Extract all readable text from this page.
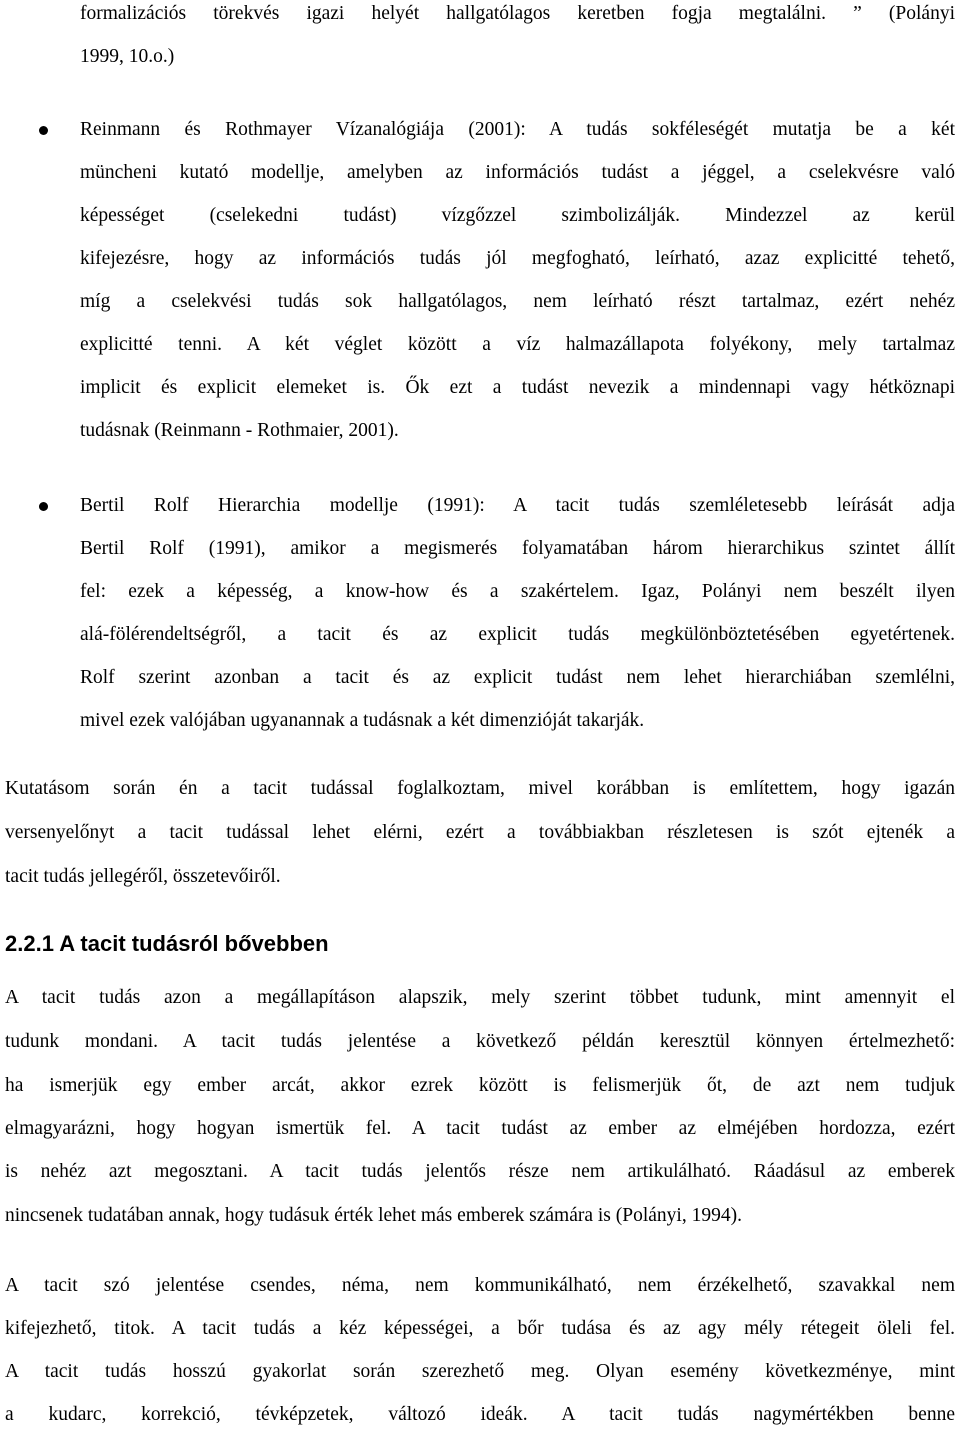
formalizációs törekvés igazi helyét hallgatólagos keretben fogja megtalálni. ” (Polányi

1999, 10.o.)

Reinmann és Rothmayer Vízanalógiája (2001): A tudás sokféleségét mutatja be a két

müncheni kutató modellje, amelyben az információs tudást a jéggel, a cselekvésre való

képességet (cselekedni tudást) vízgőzzel szimbolizálják. Mindezzel az kerül

kifejezésre, hogy az információs tudás jól megfogható, leírható, azaz explicitté tehető,

míg a cselekvési tudás sok hallgatólagos, nem leírható részt tartalmaz, ezért nehéz

explicitté tenni. A két véglet között a víz halmazállapota folyékony, mely tartalmaz

implicit és explicit elemeket is. Ők ezt a tudást nevezik a mindennapi vagy hétköznapi

tudásnak (Reinmann - Rothmaier, 2001).

Bertil Rolf Hierarchia modellje (1991): A tacit tudás szemléletesebb leírását adja

Bertil Rolf (1991), amikor a megismerés folyamatában három hierarchikus szintet állít

fel: ezek a képesség, a know-how és a szakértelem. Igaz, Polányi nem beszélt ilyen

alá-fölérendeltségről, a tacit és az explicit tudás megkülönböztetésében egyetértenek.

Rolf szerint azonban a tacit és az explicit tudást nem lehet hierarchiában szemlélni,

mivel ezek valójában ugyanannak a tudásnak a két dimenzióját takarják.

Kutatásom során én a tacit tudással foglalkoztam, mivel korábban is említettem, hogy igazán

versenyelőnyt a tacit tudással lehet elérni, ezért a továbbiakban részletesen is szót ejtenék a

tacit tudás jellegéről, összetevőiről.

2.2.1 A tacit tudásról bővebben

A tacit tudás azon a megállapításon alapszik, mely szerint többet tudunk, mint amennyit el

tudunk mondani. A tacit tudás jelentése a következő példán keresztül könnyen értelmezhető:

ha ismerjük egy ember arcát, akkor ezrek között is felismerjük őt, de azt nem tudjuk

elmagyarázni, hogy hogyan ismertük fel. A tacit tudást az ember az elméjében hordozza, ezért

is nehéz azt megosztani. A tacit tudás jelentős része nem artikulálható. Ráadásul az emberek

nincsenek tudatában annak, hogy tudásuk érték lehet más emberek számára is (Polányi, 1994).

A tacit szó jelentése csendes, néma, nem kommunikálható, nem érzékelhető, szavakkal nem

kifejezhető, titok. A tacit tudás a kéz képességei, a bőr tudása és az agy mély rétegeit öleli fel.

A tacit tudás hosszú gyakorlat során szerezhető meg. Olyan esemény következménye, mint

a kudarc, korrekció, tévképzetek, változó ideák. A tacit tudás nagymértékben benne
